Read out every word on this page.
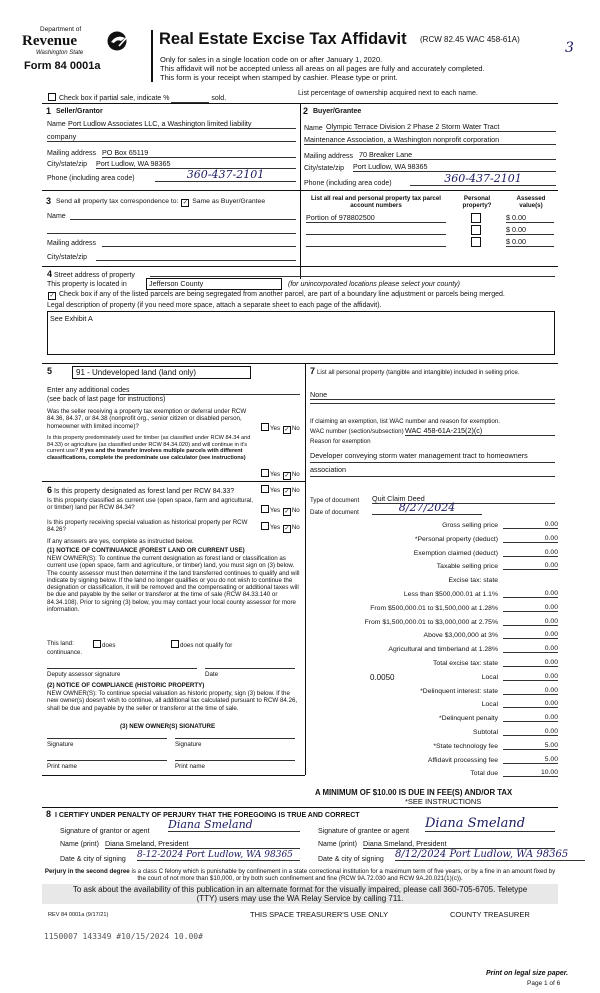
Department of
Revenue
Washington State
Form 84 0001a
Real Estate Excise Tax Affidavit (RCW 82.45 WAC 458-61A)
3
Only for sales in a single location code on or after January 1, 2020.
This affidavit will not be accepted unless all areas on all pages are fully and accurately completed.
This form is your receipt when stamped by cashier. Please type or print.
Check box if partial sale, indicate %	sold.
List percentage of ownership acquired next to each name.
1 Seller/Grantor
Name Port Ludlow Associates LLC, a Washington limited liability
company
Mailing address PO Box 65119
City/state/zip Port Ludlow, WA 98365
Phone (including area code)	360-437-2101
2 Buyer/Grantee
Name Olympic Terrace Division 2 Phase 2 Storm Water Tract
Maintenance Association, a Washington nonprofit corporation
Mailing address 70 Breaker Lane
City/state/zip Port Ludlow, WA 98365
Phone (including area code)	360-437-2101
3 Send all property tax correspondence to: ✓ Same as Buyer/Grantee
Name
Mailing address
City/state/zip
List all real and personal property tax parcel account numbers
Personal property?
Assessed value(s)
Portion of 978802500	$ 0.00
$ 0.00
$ 0.00
4 Street address of property
This property is located in	Jefferson County	(for unincorporated locations please select your county)
✓ Check box if any of the listed parcels are being segregated from another parcel, are part of a boundary line adjustment or parcels being merged.
Legal description of property (if you need more space, attach a separate sheet to each page of the affidavit).
See Exhibit A
5	91 - Undeveloped land (land only)
Enter any additional codes
(see back of last page for instructions)
Was the seller receiving a property tax exemption or deferral under RCW 84.36, 84.37, or 84.38 (nonprofit org., senior citizen or disabled person, homeowner with limited income)?	Yes ✓ No
Is this property predominately used for timber (as classified under RCW 84.34 and 84.33) or agriculture (as classified under RCW 84.34.020) and will continue in it's current use? If yes and the transfer involves multiple parcels with different classifications, complete the predominate use calculator (see instructions)
Yes ✓ No
6 Is this property designated as forest land per RCW 84.33?	Yes ✓ No
Is this property classified as current use (open space, farm and agricultural, or timber) land per RCW 84.34?	Yes ✓ No
Is this property receiving special valuation as historical property per RCW 84.26?	Yes ✓ No
If any answers are yes, complete as instructed below.
(1) NOTICE OF CONTINUANCE (FOREST LAND OR CURRENT USE)
NEW OWNER(S): To continue the current designation as forest land or classification as current use (open space, farm and agriculture, or timber) land, you must sign on (3) below. The county assessor must then determine if the land transferred continues to qualify and will indicate by signing below. If the land no longer qualifies or you do not wish to continue the designation or classification, it will be removed and the compensating or additional taxes will be due and payable by the seller or transferor at the time of sale (RCW 84.33.140 or 84.34.108). Prior to signing (3) below, you may contact your local county assessor for more information.
This land:	does	does not qualify for
continuance.
Deputy assessor signature	Date
(2) NOTICE OF COMPLIANCE (HISTORIC PROPERTY)
NEW OWNER(S): To continue special valuation as historic property, sign (3) below. If the new owner(s) doesn't wish to continue, all additional tax calculated pursuant to RCW 84.26, shall be due and payable by the seller or transferor at the time of sale.
(3) NEW OWNER(S) SIGNATURE
Signature	Signature
Print name	Print name
7 List all personal property (tangible and intangible) included in selling price.
None
If claiming an exemption, list WAC number and reason for exemption.
WAC number (section/subsection) WAC 458-61A-215(2)(c)
Reason for exemption
Developer conveying storm water management tract to homeowners association
Type of document Quit Claim Deed
Date of document	8/27/2024
Gross selling price	0.00
*Personal property (deduct)	0.00
Exemption claimed (deduct)	0.00
Taxable selling price	0.00
Excise tax: state
Less than $500,000.01 at 1.1%	0.00
From $500,000.01 to $1,500,000 at 1.28%	0.00
From $1,500,000.01 to $3,000,000 at 2.75%	0.00
Above $3,000,000 at 3%	0.00
Agricultural and timberland at 1.28%	0.00
Total excise tax: state	0.00
Local
0.0050	0.00
*Delinquent interest: state	0.00
Local	0.00
*Delinquent penalty	0.00
Subtotal	0.00
*State technology fee	5.00
Affidavit processing fee	5.00
Total due	10.00
A MINIMUM OF $10.00 IS DUE IN FEE(S) AND/OR TAX
*SEE INSTRUCTIONS
8 I CERTIFY UNDER PENALTY OF PERJURY THAT THE FOREGOING IS TRUE AND CORRECT
Signature of grantor or agent
Diana Smeland
Name (print) Diana Smeland, President
Date & city of signing 8-12-2024 Port Ludlow, WA 98365
Signature of grantee or agent
Diana Smeland
Name (print) Diana Smeland, President
Date & city of signing 8/12/2024 Port Ludlow, WA 98365
Perjury in the second degree is a class C felony which is punishable by confinement in a state correctional institution for a maximum term of five years, or by a fine in an amount fixed by the court of not more than $10,000, or by both such confinement and fine (RCW 9A.72.030 and RCW 9A.20.021(1)(c)).
To ask about the availability of this publication in an alternate format for the visually impaired, please call 360-705-6705. Teletype
(TTY) users may use the WA Relay Service by calling 711.
REV 84 0001a (9/17/21)	THIS SPACE TREASURER'S USE ONLY	COUNTY TREASURER
1150007 143349 #10/15/2024 10.00#
Print on legal size paper.
Page 1 of 6
